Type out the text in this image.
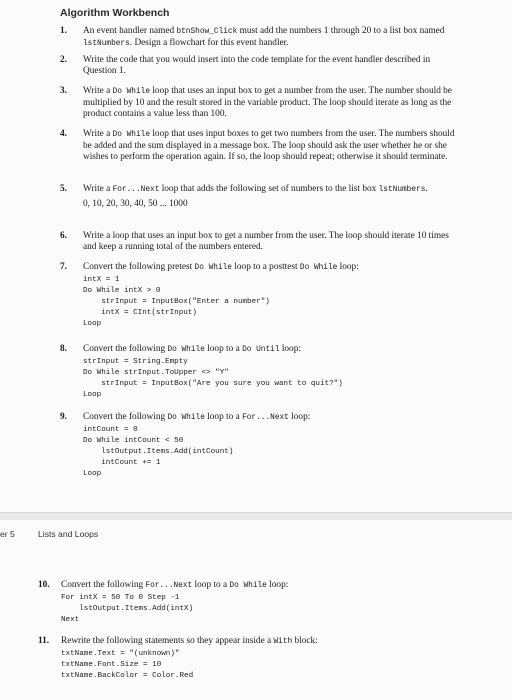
Algorithm Workbench
1. An event handler named btnShow_Click must add the numbers 1 through 20 to a list box named lstNumbers. Design a flowchart for this event handler.

2. Write the code that you would insert into the code template for the event handler described in Question 1.

3. Write a Do While loop that uses an input box to get a number from the user. The number should be multiplied by 10 and the result stored in the variable product. The loop should iterate as long as the product contains a value less than 100.

4. Write a Do While loop that uses input boxes to get two numbers from the user. The numbers should be added and the sum displayed in a message box. The loop should ask the user whether he or she wishes to perform the operation again. If so, the loop should repeat; otherwise it should terminate.

5. Write a For...Next loop that adds the following set of numbers to the list box lstNumbers.

0, 10, 20, 30, 40, 50 ... 1000

6. Write a loop that uses an input box to get a number from the user. The loop should iterate 10 times and keep a running total of the numbers entered.

7. Convert the following pretest Do While loop to a posttest Do While loop:

intX = 1
Do While intX > 0
strInput = InputBox("Enter a number")
intX = CInt(strInput)
Loop
8. Convert the following Do While loop to a Do Until loop:

strInput = String.Empty
Do While strInput.ToUpper <> "Y"
strInput = InputBox("Are you sure you want to quit?")
Loop
9. Convert the following Do While loop to a For...Next loop:

intCount = 0
Do While intCount < 50
lstOutput.Items.Add(intCount)
intCount += 1
Loop
er 5	Lists and Loops
10. Convert the following For...Next loop to a Do While loop:

For intX = 50 To 0 Step -1
lstOutput.Items.Add(intX)
Next
11. Rewrite the following statements so they appear inside a With block:

txtName.Text = "(unknown)"
txtName.Font.Size = 10
txtName.BackColor = Color.Red
